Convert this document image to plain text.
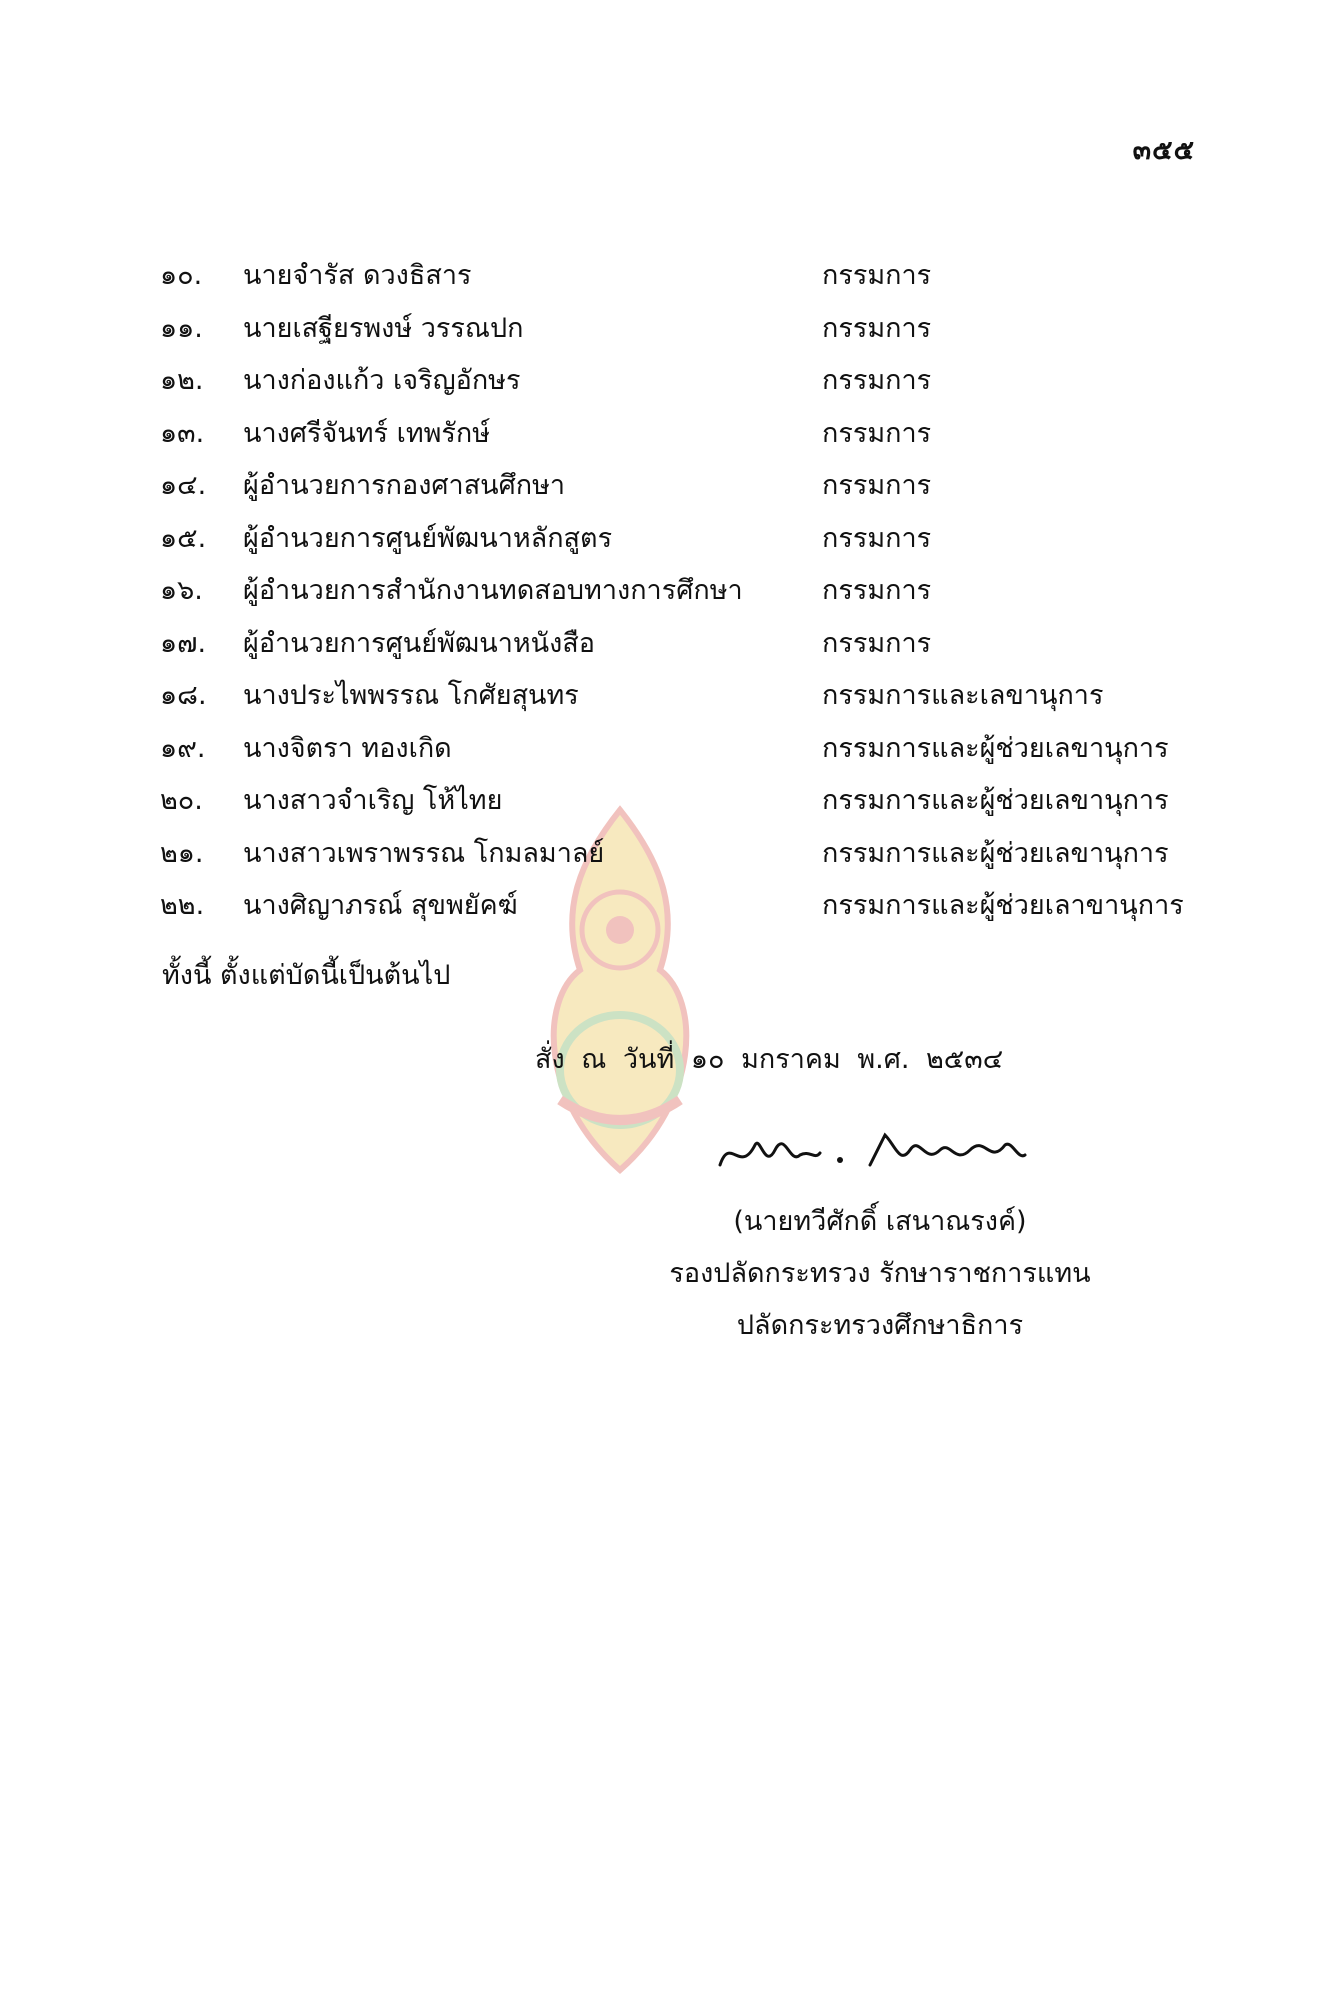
๓๕๕
๑๐. นายจำรัส ดวงธิสาร	กรรมการ
๑๑. นายเสฐียรพงษ์ วรรณปก	กรรมการ
๑๒. นางก่องแก้ว เจริญอักษร	กรรมการ
๑๓. นางศรีจันทร์ เทพรักษ์	กรรมการ
๑๔. ผู้อำนวยการกองศาสนศึกษา	กรรมการ
๑๕. ผู้อำนวยการศูนย์พัฒนาหลักสูตร	กรรมการ
๑๖. ผู้อำนวยการสำนักงานทดสอบทางการศึกษา	กรรมการ
๑๗. ผู้อำนวยการศูนย์พัฒนาหนังสือ	กรรมการ
๑๘. นางประไพพรรณ โกศัยสุนทร	กรรมการและเลขานุการ
๑๙. นางจิตรา ทองเกิด	กรรมการและผู้ช่วยเลขานุการ
๒๐. นางสาวจำเริญ โห้ไทย	กรรมการและผู้ช่วยเลขานุการ
๒๑. นางสาวเพราพรรณ โกมลมาลย์	กรรมการและผู้ช่วยเลขานุการ
๒๒. นางศิญาภรณ์ สุขพยัคฆ์	กรรมการและผู้ช่วยเลาขานุการ
ทั้งนี้ ตั้งแต่บัดนี้เป็นต้นไป
สั่ง ณ วันที่ ๑๐ มกราคม พ.ศ. ๒๕๓๔
(นายทวีศักดิ์ เสนาณรงค์)
รองปลัดกระทรวง รักษาราชการแทน
ปลัดกระทรวงศึกษาธิการ
